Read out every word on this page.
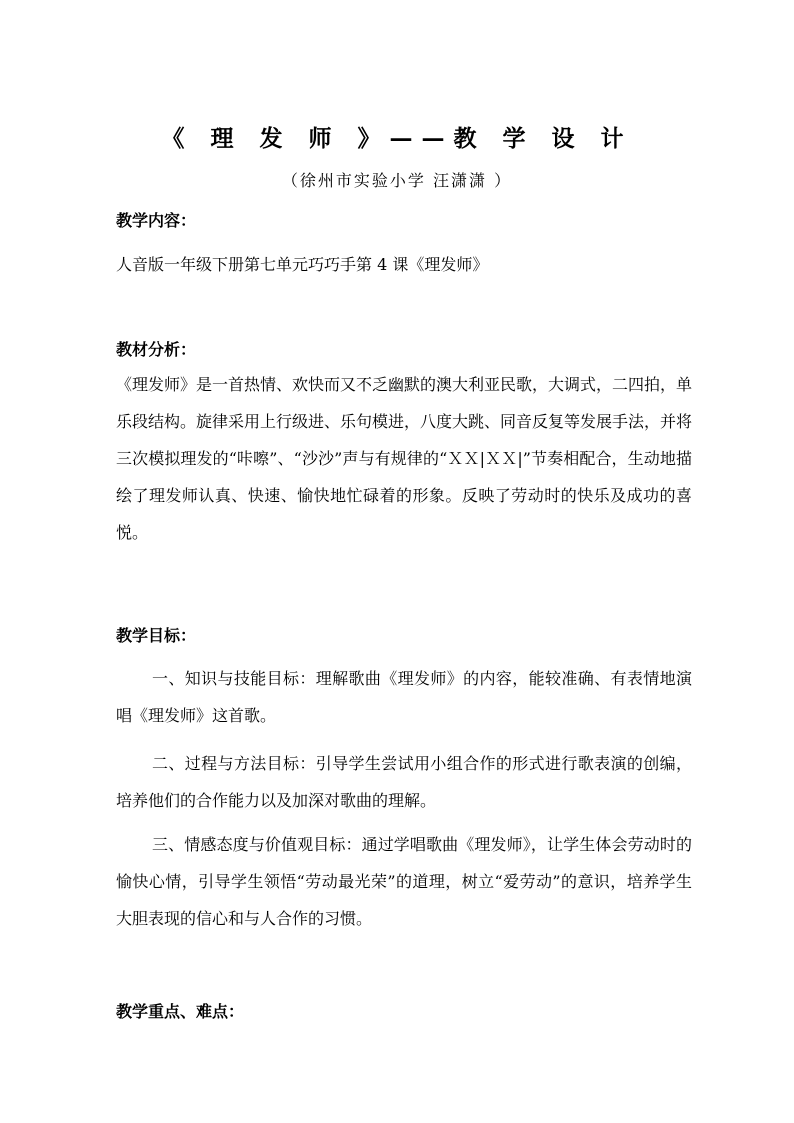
《 理 发 师 》——教 学 设 计
（徐州市实验小学 汪潇潇 ）
教学内容：

人音版一年级下册第七单元巧巧手第 4 课《理发师》

教材分析：

《理发师》是一首热情、欢快而又不乏幽默的澳大利亚民歌，大调式，二四拍，单乐段结构。旋律采用上行级进、乐句模进，八度大跳、同音反复等发展手法，并将三次模拟理发的“咔嚓”、“沙沙”声与有规律的“ＸＸ|ＸＸ|”节奏相配合，生动地描绘了理发师认真、快速、愉快地忙碌着的形象。反映了劳动时的快乐及成功的喜悦。

教学目标：

一、知识与技能目标：理解歌曲《理发师》的内容，能较准确、有表情地演唱《理发师》这首歌。

二、过程与方法目标：引导学生尝试用小组合作的形式进行歌表演的创编，培养他们的合作能力以及加深对歌曲的理解。

三、情感态度与价值观目标：通过学唱歌曲《理发师》，让学生体会劳动时的愉快心情，引导学生领悟“劳动最光荣”的道理，树立“爱劳动”的意识，培养学生大胆表现的信心和与人合作的习惯。

教学重点、难点：
